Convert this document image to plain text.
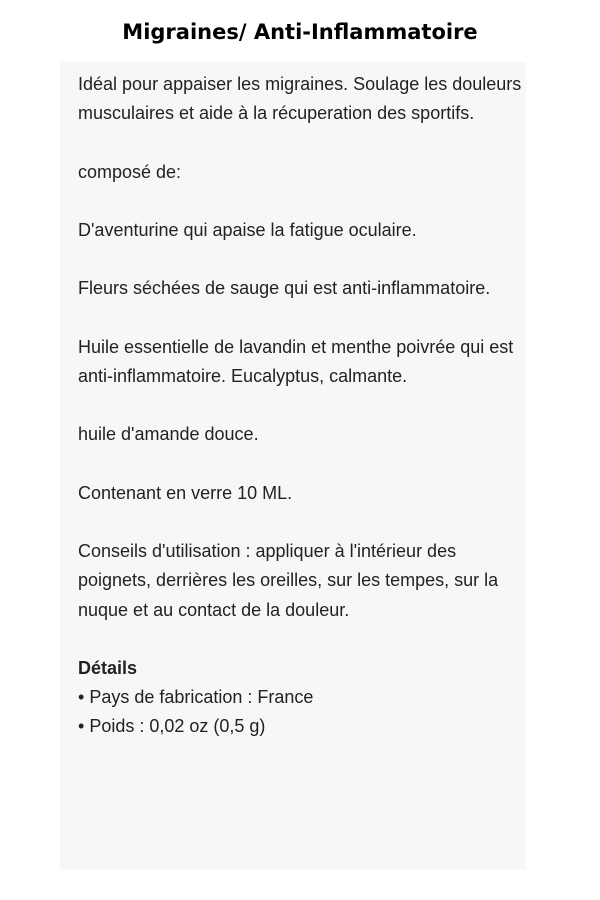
Migraines/ Anti-Inflammatoire

Idéal pour appaiser les migraines. Soulage les douleurs musculaires et aide à la récuperation des sportifs.

composé de:

D'aventurine qui apaise la fatigue oculaire.

Fleurs séchées de sauge qui est anti-inflammatoire.

Huile essentielle de lavandin et menthe poivrée qui est anti-inflammatoire. Eucalyptus, calmante.

huile d'amande douce.

Contenant en verre 10 ML.

Conseils d'utilisation : appliquer à l'intérieur des poignets, derrières les oreilles, sur les tempes, sur la nuque et au contact de la douleur.

Détails
• Pays de fabrication : France
• Poids : 0,02 oz (0,5 g)
